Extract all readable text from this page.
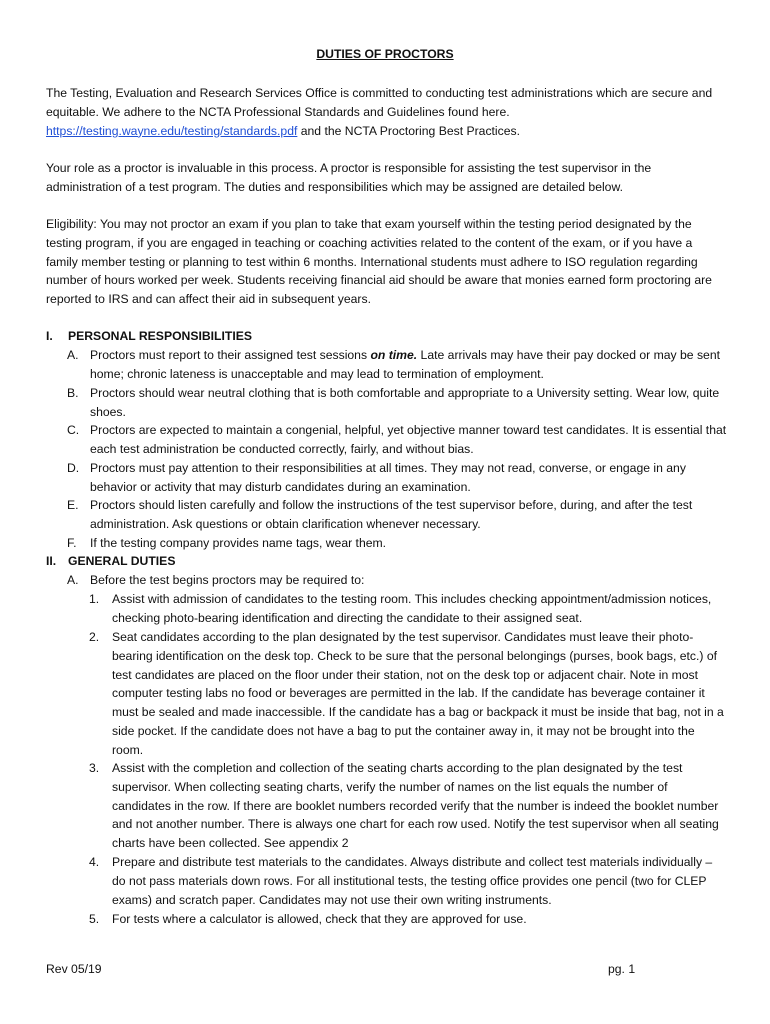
DUTIES OF PROCTORS
The Testing, Evaluation and Research Services Office is committed to conducting test administrations which are secure and equitable. We adhere to the NCTA Professional Standards and Guidelines found here.
https://testing.wayne.edu/testing/standards.pdf and the NCTA Proctoring Best Practices.
Your role as a proctor is invaluable in this process. A proctor is responsible for assisting the test supervisor in the administration of a test program. The duties and responsibilities which may be assigned are detailed below.
Eligibility: You may not proctor an exam if you plan to take that exam yourself within the testing period designated by the testing program, if you are engaged in teaching or coaching activities related to the content of the exam, or if you have a family member testing or planning to test within 6 months. International students must adhere to ISO regulation regarding number of hours worked per week. Students receiving financial aid should be aware that monies earned form proctoring are reported to IRS and can affect their aid in subsequent years.
I. PERSONAL RESPONSIBILITIES
A. Proctors must report to their assigned test sessions on time. Late arrivals may have their pay docked or may be sent home; chronic lateness is unacceptable and may lead to termination of employment.
B. Proctors should wear neutral clothing that is both comfortable and appropriate to a University setting. Wear low, quite shoes.
C. Proctors are expected to maintain a congenial, helpful, yet objective manner toward test candidates. It is essential that each test administration be conducted correctly, fairly, and without bias.
D. Proctors must pay attention to their responsibilities at all times. They may not read, converse, or engage in any behavior or activity that may disturb candidates during an examination.
E. Proctors should listen carefully and follow the instructions of the test supervisor before, during, and after the test administration. Ask questions or obtain clarification whenever necessary.
F. If the testing company provides name tags, wear them.
II. GENERAL DUTIES
A. Before the test begins proctors may be required to:
1. Assist with admission of candidates to the testing room. This includes checking appointment/admission notices, checking photo-bearing identification and directing the candidate to their assigned seat.
2. Seat candidates according to the plan designated by the test supervisor. Candidates must leave their photo-bearing identification on the desk top. Check to be sure that the personal belongings (purses, book bags, etc.) of test candidates are placed on the floor under their station, not on the desk top or adjacent chair. Note in most computer testing labs no food or beverages are permitted in the lab. If the candidate has beverage container it must be sealed and made inaccessible. If the candidate has a bag or backpack it must be inside that bag, not in a side pocket. If the candidate does not have a bag to put the container away in, it may not be brought into the room.
3. Assist with the completion and collection of the seating charts according to the plan designated by the test supervisor. When collecting seating charts, verify the number of names on the list equals the number of candidates in the row. If there are booklet numbers recorded verify that the number is indeed the booklet number and not another number. There is always one chart for each row used. Notify the test supervisor when all seating charts have been collected. See appendix 2
4. Prepare and distribute test materials to the candidates. Always distribute and collect test materials individually – do not pass materials down rows. For all institutional tests, the testing office provides one pencil (two for CLEP exams) and scratch paper. Candidates may not use their own writing instruments.
5. For tests where a calculator is allowed, check that they are approved for use.
Rev 05/19	pg. 1
